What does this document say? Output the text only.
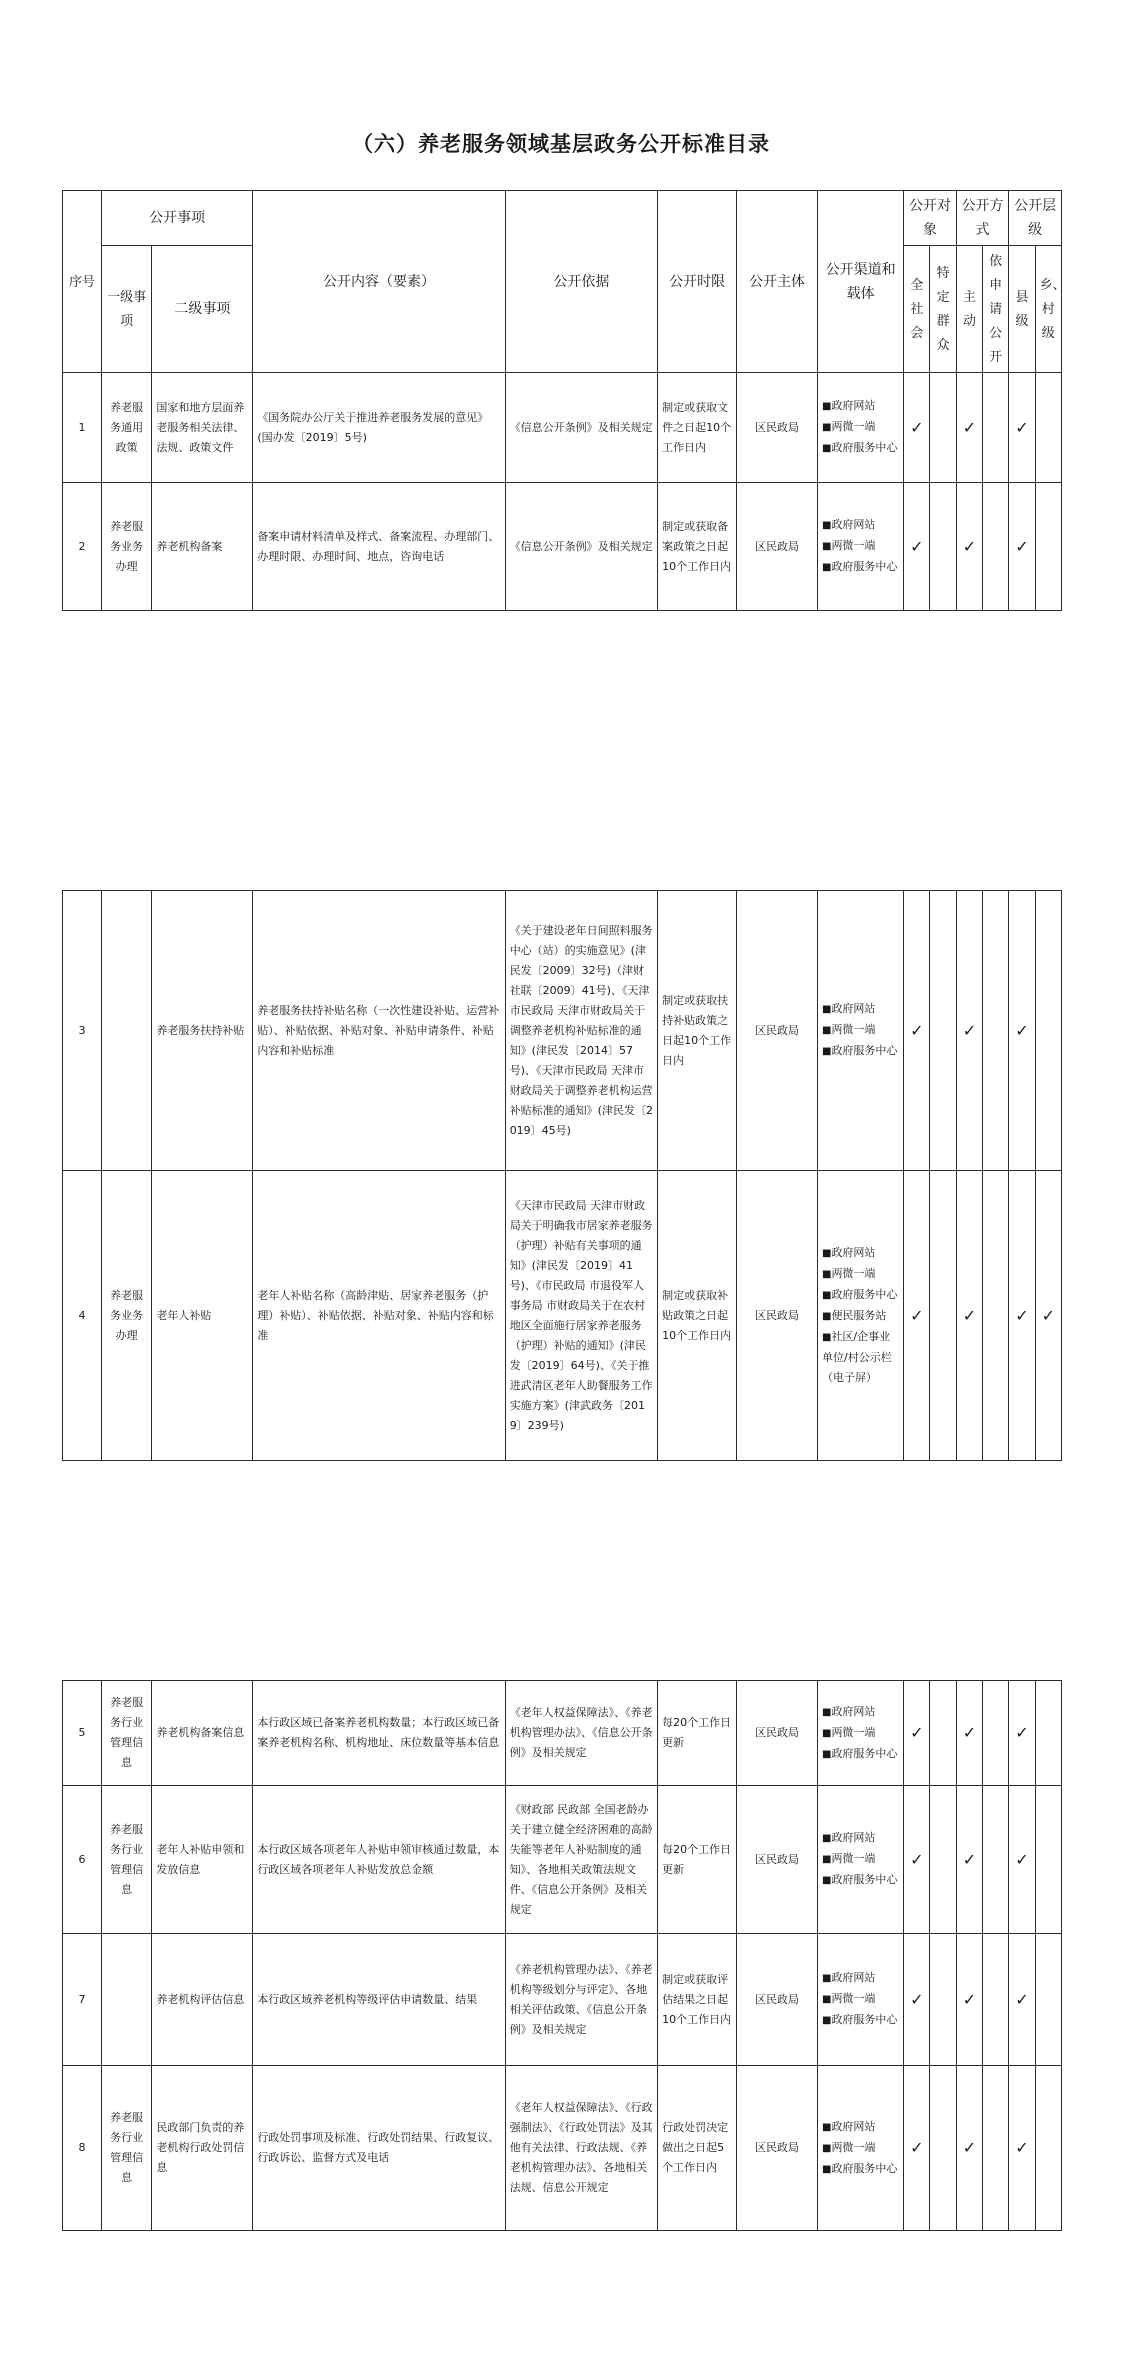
（六）养老服务领域基层政务公开标准目录
序号	公开事项		公开内容（要素）	公开依据	公开时限	公开主体	公开渠道和载体	公开对象		公开方式		公开层级	
	一级事项	二级事项						全社会	特定群众	主动	依申请公开	县级	乡、村级
1	养老服务通用政策	国家和地方层面养老服务相关法律、法规、政策文件	《国务院办公厅关于推进养老服务发展的意见》(国办发〔2019〕5号)	《信息公开条例》及相关规定	制定或获取文件之日起10个工作日内	区民政局	■政府网站
■两微一端
■政府服务中心	✓		✓		✓	

2	养老服务业务办理	养老机构备案	备案申请材料清单及样式、备案流程、办理部门、办理时限、办理时间、地点，咨询电话	《信息公开条例》及相关规定	制定或获取备案政策之日起10个工作日内	区民政局	■政府网站
■两微一端
■政府服务中心	✓		✓		✓	

3		养老服务扶持补贴	养老服务扶持补贴名称（一次性建设补贴、运营补贴）、补贴依据、补贴对象、补贴申请条件、补贴内容和补贴标准	《关于建设老年日间照料服务中心（站）的实施意见》(津民发〔2009〕32号)（津财社联〔2009〕41号)、《天津市民政局 天津市财政局关于调整养老机构补贴标准的通知》(津民发〔2014〕57号)、《天津市民政局 天津市财政局关于调整养老机构运营补贴标准的通知》(津民发〔2019〕45号)	制定或获取扶持补贴政策之日起10个工作日内	区民政局	■政府网站
■两微一端
■政府服务中心	✓		✓		✓	

4	养老服务业务办理	老年人补贴	老年人补贴名称（高龄津贴、居家养老服务（护理）补贴）、补贴依据、补贴对象、补贴内容和标准	《天津市民政局 天津市财政局关于明确我市居家养老服务（护理）补贴有关事项的通知》(津民发〔2019〕41号)、《市民政局 市退役军人事务局 市财政局关于在农村地区全面施行居家养老服务（护理）补贴的通知》(津民发〔2019〕64号)、《关于推进武清区老年人助餐服务工作实施方案》(津武政务〔2019〕239号)	制定或获取补贴政策之日起10个工作日内	区民政局	■政府网站
■两微一端
■政府服务中心
■便民服务站
■社区/企事业单位/村公示栏（电子屏）	✓		✓		✓	✓
5	养老服务行业管理信息	养老机构备案信息	本行政区域已备案养老机构数量；本行政区域已备案养老机构名称、机构地址、床位数量等基本信息	《老年人权益保障法》、《养老机构管理办法》、《信息公开条例》及相关规定	每20个工作日更新	区民政局	■政府网站
■两微一端
■政府服务中心	✓		✓		✓	

6	养老服务行业管理信息	老年人补贴申领和发放信息	本行政区域各项老年人补贴申领审核通过数量，本行政区域各项老年人补贴发放总金额	《财政部 民政部 全国老龄办关于建立健全经济困难的高龄 失能等老年人补贴制度的通知》、各地相关政策法规文件、《信息公开条例》及相关规定	每20个工作日更新	区民政局	■政府网站
■两微一端
■政府服务中心	✓		✓		✓	

7		养老机构评估信息	本行政区域养老机构等级评估申请数量、结果	《养老机构管理办法》、《养老机构等级划分与评定》、各地相关评估政策、《信息公开条例》及相关规定	制定或获取评估结果之日起10个工作日内	区民政局	■政府网站
■两微一端
■政府服务中心	✓		✓		✓	

8	养老服务行业管理信息	民政部门负责的养老机构行政处罚信息	行政处罚事项及标准、行政处罚结果、行政复议、行政诉讼、监督方式及电话	《老年人权益保障法》、《行政强制法》、《行政处罚法》及其他有关法律、行政法规、《养老机构管理办法》、各地相关法规、信息公开规定	行政处罚决定做出之日起5个工作日内	区民政局	■政府网站
■两微一端
■政府服务中心	✓		✓		✓	
